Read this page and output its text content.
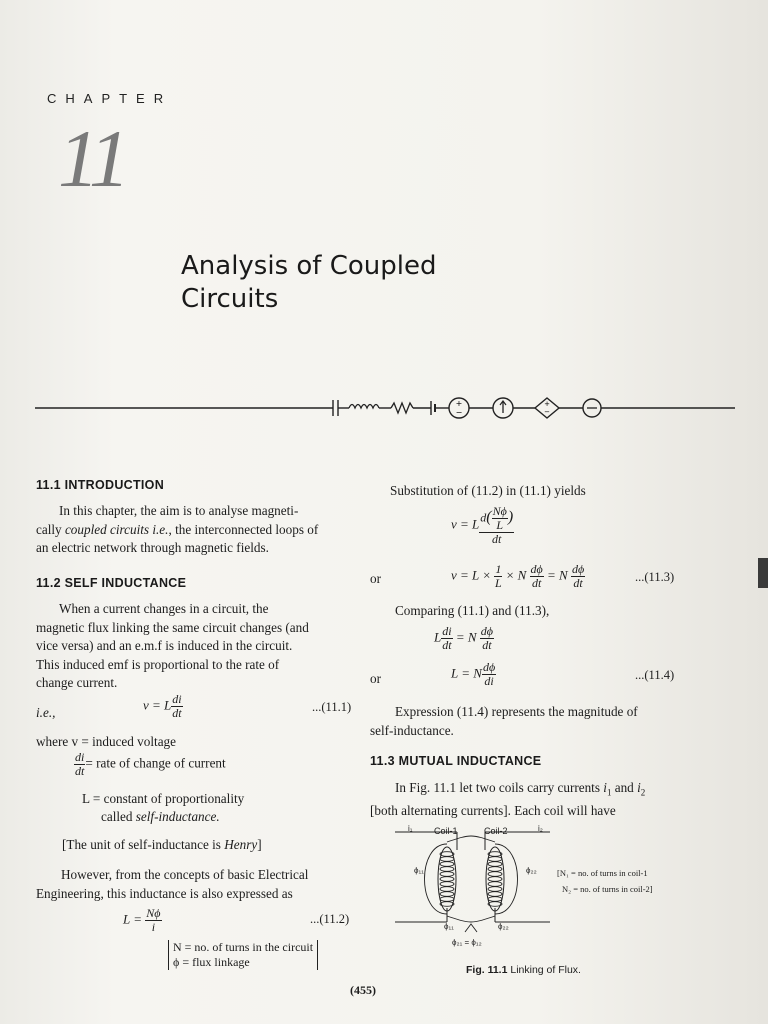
CHAPTER
11
Analysis of Coupled Circuits
+
−
+
−
11.1 INTRODUCTION
In this chapter, the aim is to analyse magneti-
cally coupled circuits i.e., the interconnected loops of
an electric network through magnetic fields.
11.2 SELF INDUCTANCE
When a current changes in a circuit, the
magnetic flux linking the same circuit changes (and
vice versa) and an e.m.f is induced in the circuit.
This induced emf is proportional to the rate of
change current.
i.e.,
v = L $\frac{di}{dt}$	...(11.1)
where v = induced voltage
$\frac{di}{dt}$ = rate of change of current
L = constant of proportionality
called self-inductance.
[The unit of self-inductance is Henry]
However, from the concepts of basic Electrical
Engineering, this inductance is also expressed as
$L = \frac{N\phi}{i}$	...(11.2)
N = no. of turns in the circuit
ϕ = flux linkage
Substitution of (11.2) in (11.1) yields
v = L $\frac{d( \frac{N\phi}{L} )}{dt}$
or	$v = L \times \frac{1}{L} \times N \frac{d\phi}{dt} = N \frac{d\phi}{dt}$	...(11.3)
Comparing (11.1) and (11.3),
L $\frac{di}{dt} = N \frac{d\phi}{dt}$
or	L = N $\frac{d\phi}{di}$	...(11.4)
Expression (11.4) represents the magnitude of
self-inductance.
11.3 MUTUAL INDUCTANCE
In Fig. 11.1 let two coils carry currents $i_1$ and $i_2$
[both alternating currents]. Each coil will have
i₁ Coil-1	Coil-2	i₂
ϕ₁₁	ϕ₂₂
ϕ₁₁	ϕ₂₂
ϕ₂₁ = ϕ₁₂
[N₁ = no. of turns in coil-1
N₂ = no. of turns in coil-2]
Fig. 11.1 Linking of Flux.
(455)
